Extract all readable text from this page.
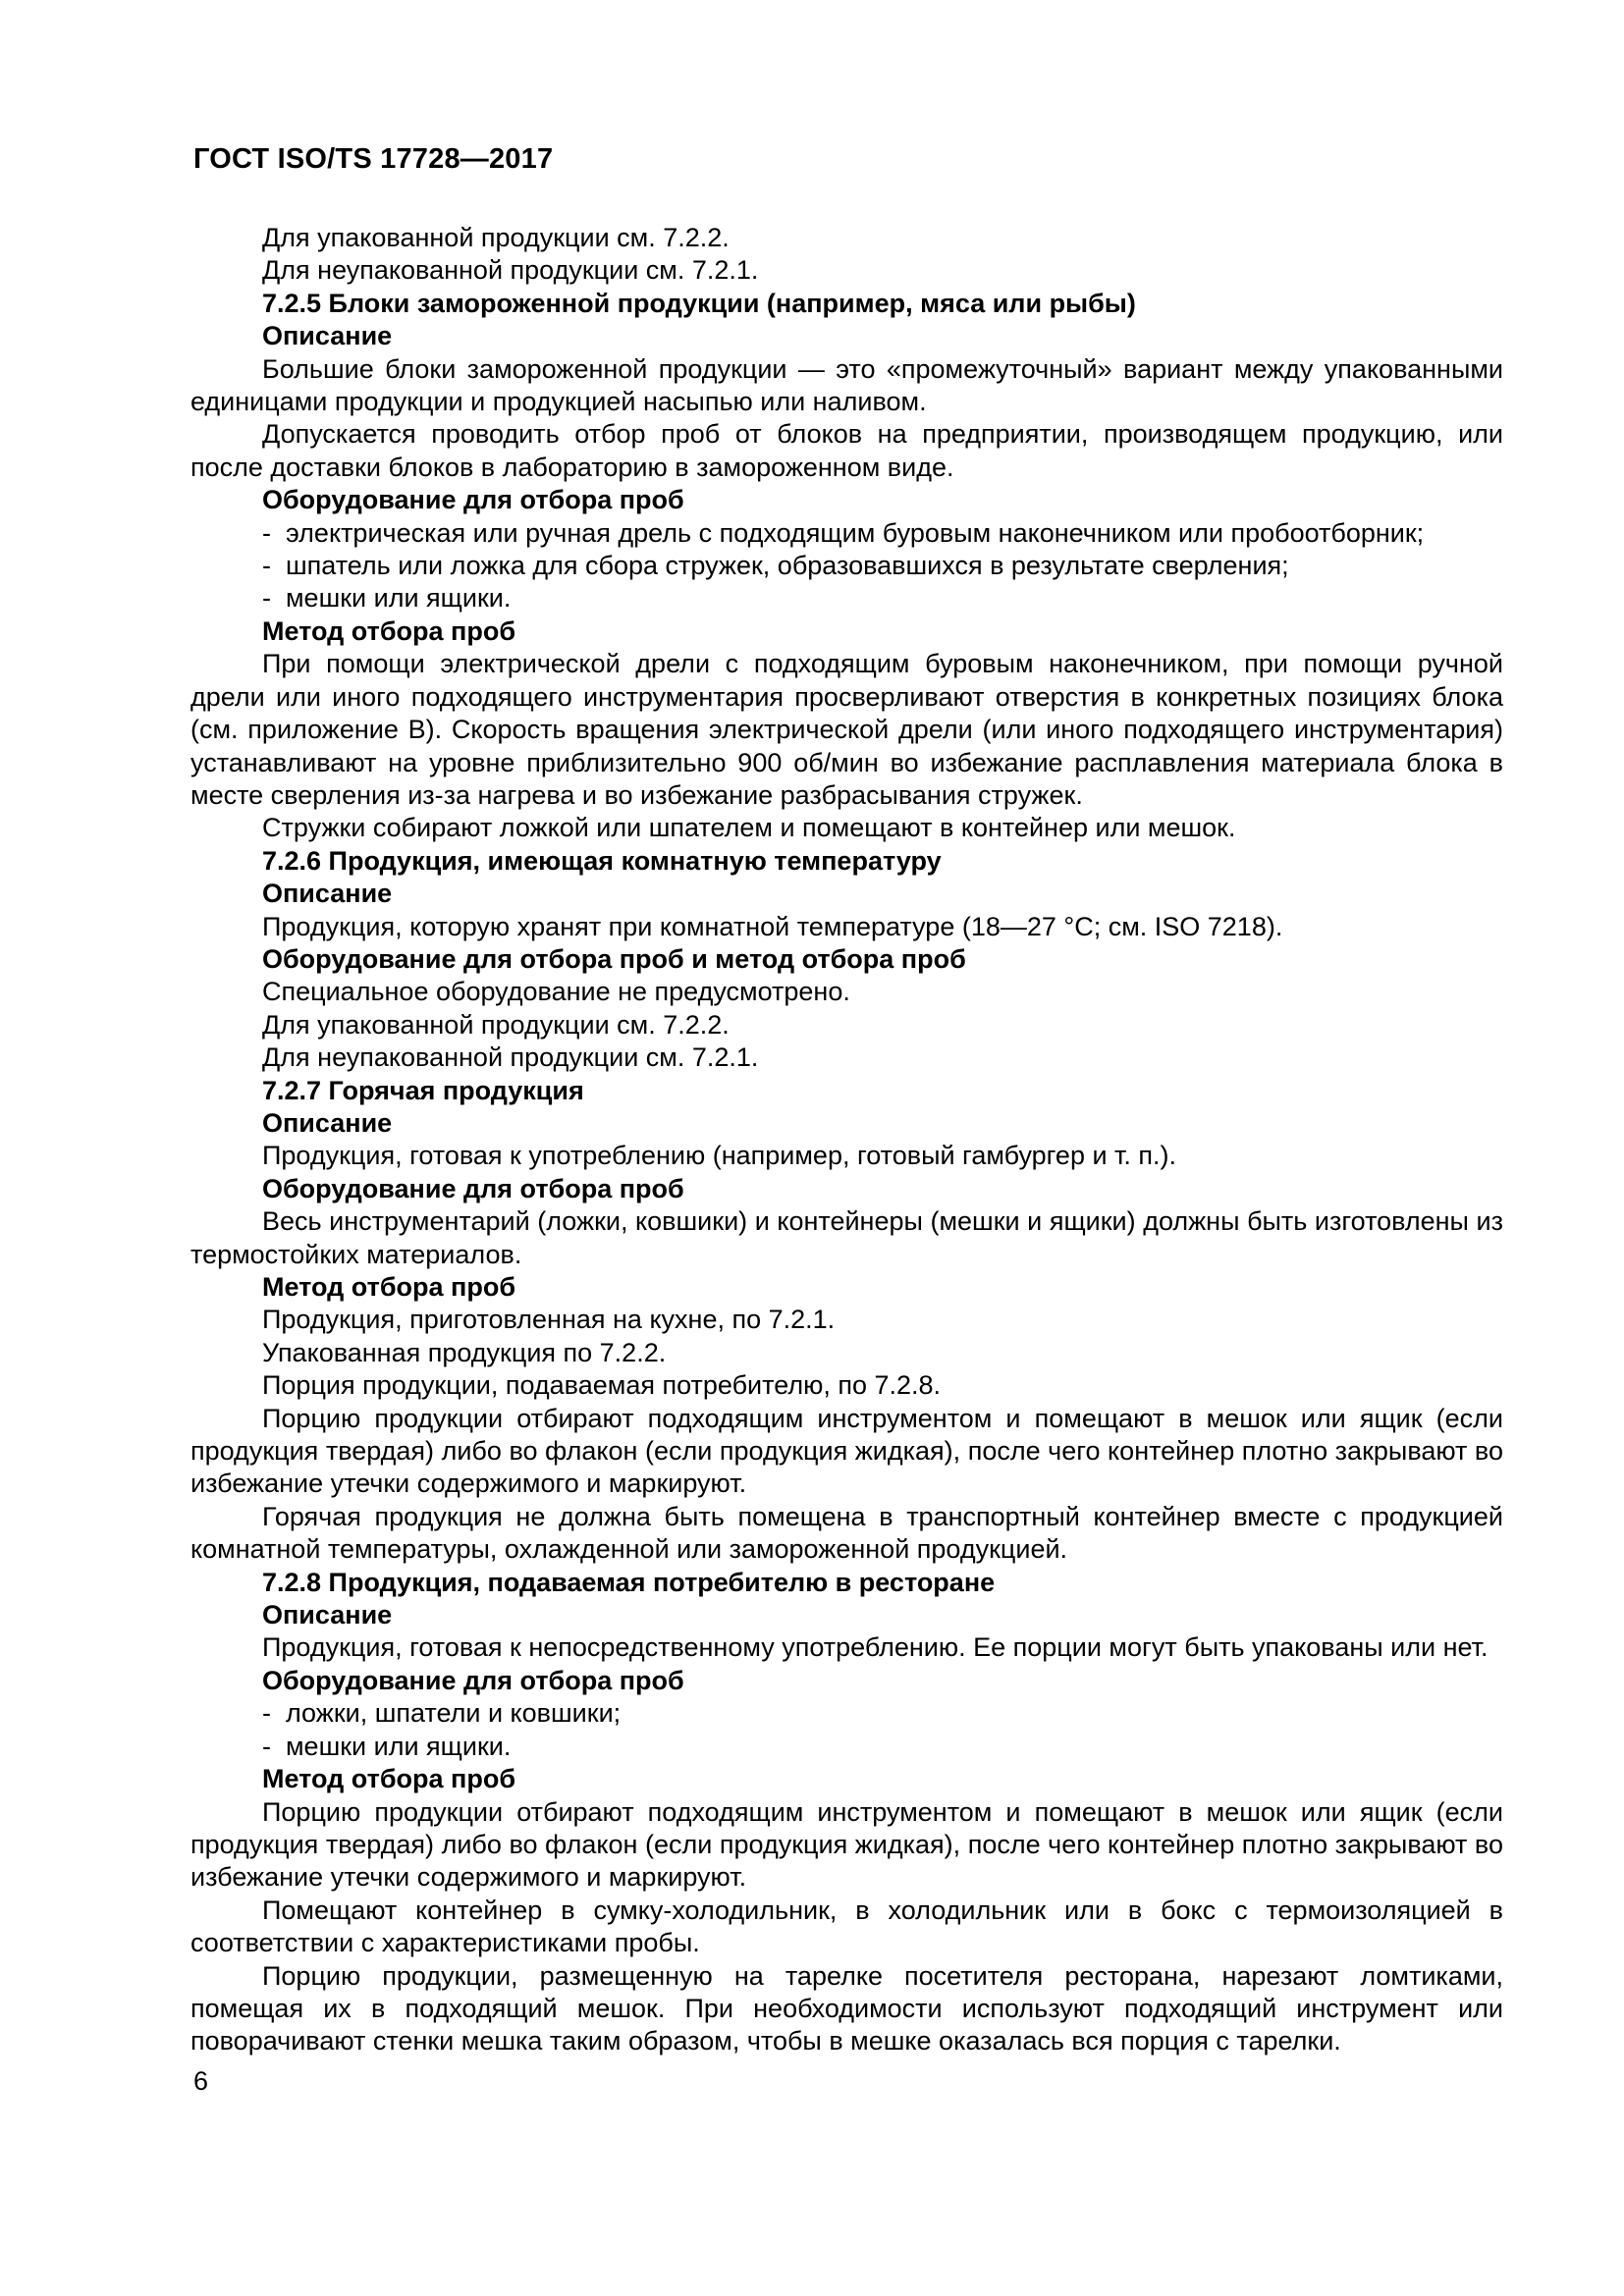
ГОСТ ISO/TS 17728—2017

Для упакованной продукции см. 7.2.2.

Для неупакованной продукции см. 7.2.1.

7.2.5 Блоки замороженной продукции (например, мяса или рыбы)

Описание

Большие блоки замороженной продукции — это «промежуточный» вариант между упакованными единицами продукции и продукцией насыпью или наливом.

Допускается проводить отбор проб от блоков на предприятии, производящем продукцию, или после доставки блоков в лабораторию в замороженном виде.

Оборудование для отбора проб

-  электрическая или ручная дрель с подходящим буровым наконечником или пробоотборник;

-  шпатель или ложка для сбора стружек, образовавшихся в результате сверления;

-  мешки или ящики.

Метод отбора проб

При помощи электрической дрели с подходящим буровым наконечником, при помощи ручной дрели или иного подходящего инструментария просверливают отверстия в конкретных позициях блока (см. приложение В). Скорость вращения электрической дрели (или иного подходящего инструментария) устанавливают на уровне приблизительно 900 об/мин во избежание расплавления материала блока в месте сверления из-за нагрева и во избежание разбрасывания стружек.

Стружки собирают ложкой или шпателем и помещают в контейнер или мешок.

7.2.6 Продукция, имеющая комнатную температуру

Описание

Продукция, которую хранят при комнатной температуре (18—27 °C; см. ISO 7218).

Оборудование для отбора проб и метод отбора проб

Специальное оборудование не предусмотрено.

Для упакованной продукции см. 7.2.2.

Для неупакованной продукции см. 7.2.1.

7.2.7 Горячая продукция

Описание

Продукция, готовая к употреблению (например, готовый гамбургер и т. п.).

Оборудование для отбора проб

Весь инструментарий (ложки, ковшики) и контейнеры (мешки и ящики) должны быть изготовлены из термостойких материалов.

Метод отбора проб

Продукция, приготовленная на кухне, по 7.2.1.

Упакованная продукция по 7.2.2.

Порция продукции, подаваемая потребителю, по 7.2.8.

Порцию продукции отбирают подходящим инструментом и помещают в мешок или ящик (если продукция твердая) либо во флакон (если продукция жидкая), после чего контейнер плотно закрывают во избежание утечки содержимого и маркируют.

Горячая продукция не должна быть помещена в транспортный контейнер вместе с продукцией комнатной температуры, охлажденной или замороженной продукцией.

7.2.8 Продукция, подаваемая потребителю в ресторане

Описание

Продукция, готовая к непосредственному употреблению. Ее порции могут быть упакованы или нет.

Оборудование для отбора проб

-  ложки, шпатели и ковшики;

-  мешки или ящики.

Метод отбора проб

Порцию продукции отбирают подходящим инструментом и помещают в мешок или ящик (если продукция твердая) либо во флакон (если продукция жидкая), после чего контейнер плотно закрывают во избежание утечки содержимого и маркируют.

Помещают контейнер в сумку-холодильник, в холодильник или в бокс с термоизоляцией в соответствии с характеристиками пробы.

Порцию продукции, размещенную на тарелке посетителя ресторана, нарезают ломтиками, помещая их в подходящий мешок. При необходимости используют подходящий инструмент или поворачивают стенки мешка таким образом, чтобы в мешке оказалась вся порция с тарелки.

6
